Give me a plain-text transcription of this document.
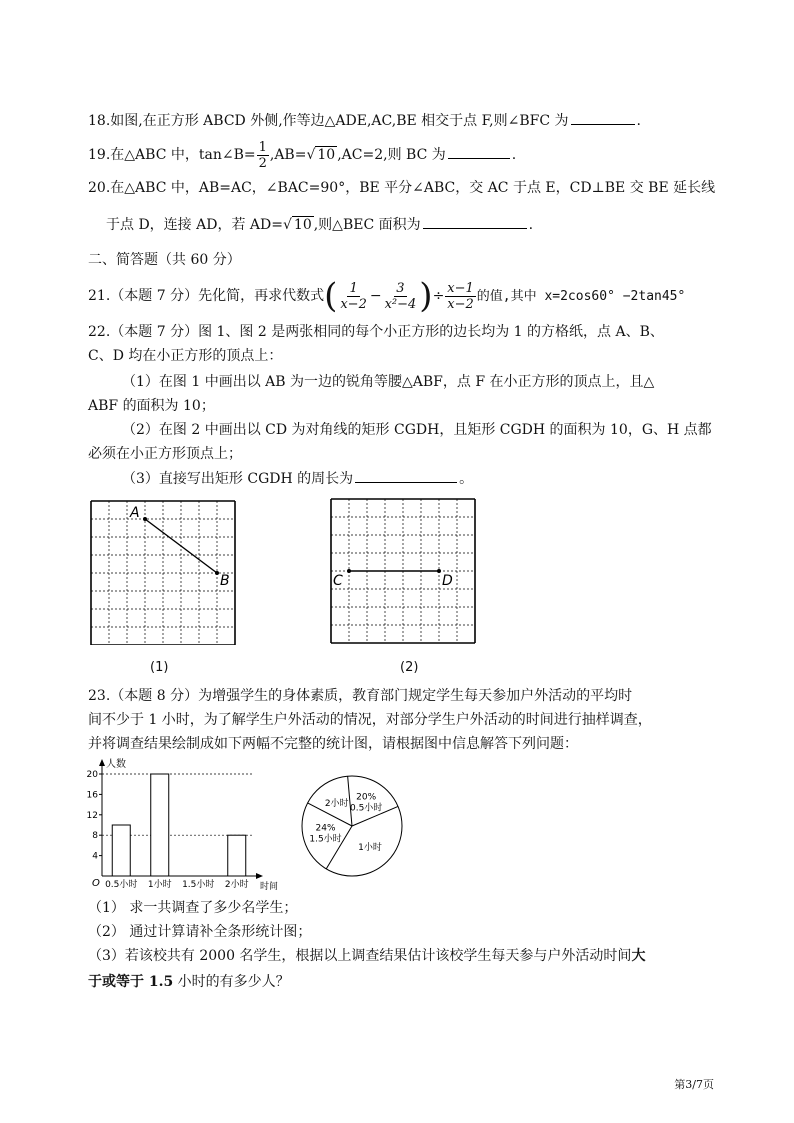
18.如图,在正方形 ABCD 外侧,作等边△ADE,AC,BE 相交于点 F,则∠BFC 为	.
19.在△ABC 中，tan∠B= $\frac{1}{2} ,AB=√$ 10 ,AC=2,则 BC 为	.
20.在△ABC 中，AB=AC，∠BAC=90°，BE 平分∠ABC，交 AC 于点 E，CD⊥BE 交 BE 延长线
于点 D，连接 AD，若 AD=√ 10 ,则△BEC 面积为	.
二、简答题（共 60 分）
21.（本题 7 分）先化简，再求代数式( $\frac{1}{x-2} - \frac{3}{\text{x²−4}}$ )÷ $\frac{x-1}{x-2}$ 的值,其中 x=2cos60° −2tan45°
22.（本题 7 分）图 1、图 2 是两张相同的每个小正方形的边长均为 1 的方格纸，点 A、B、
C、D 均在小正方形的顶点上：
（1）在图 1 中画出以 AB 为一边的锐角等腰△ABF，点 F 在小正方形的顶点上，且△
ABF 的面积为 10；
（2）在图 2 中画出以 CD 为对角线的矩形 CGDH，且矩形 CGDH 的面积为 10，G、H 点都
必须在小正方形顶点上；
（3）直接写出矩形 CGDH 的周长为	。
A
B
(1)
C	D
(2)
23.（本题 8 分）为增强学生的身体素质，教育部门规定学生每天参加户外活动的平均时
间不少于 1 小时，为了解学生户外活动的情况，对部分学生户外活动的时间进行抽样调查，
并将调查结果绘制成如下两幅不完整的统计图，请根据图中信息解答下列问题：
人数
时间
O
4
8
12
16
20
0.5小时 1小时 1.5小时 2小时
20%
0.5小时
1小时
24%
1.5小时
2小时
（1） 求一共调查了多少名学生；
（2） 通过计算请补全条形统计图；
（3）若该校共有 2000 名学生，根据以上调查结果估计该校学生每天参与户外活动时间大
于或等于 1.5 小时的有多少人？
第3/7页
